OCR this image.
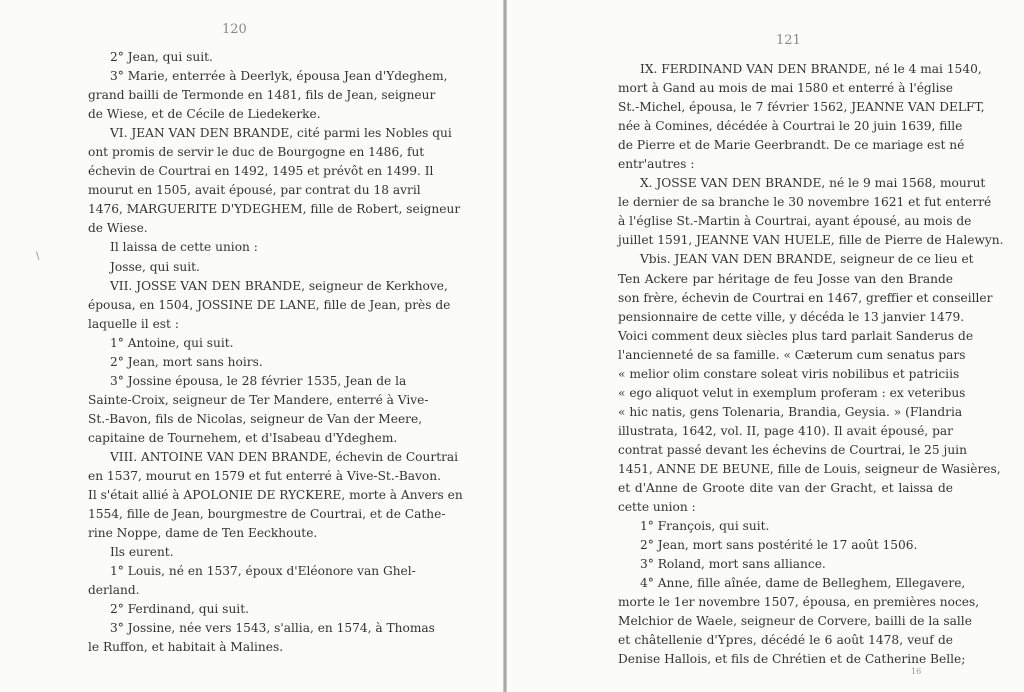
120
\
2° Jean, qui suit.
3° Marie, enterrée à Deerlyk, épousa Jean d'Ydeghem,
grand bailli de Termonde en 1481, fils de Jean, seigneur
de Wiese, et de Cécile de Liedekerke.
VI. JEAN VAN DEN BRANDE, cité parmi les Nobles qui
ont promis de servir le duc de Bourgogne en 1486, fut
échevin de Courtrai en 1492, 1495 et prévôt en 1499. Il
mourut en 1505, avait épousé, par contrat du 18 avril
1476, MARGUERITE D'YDEGHEM, fille de Robert, seigneur
de Wiese.
Il laissa de cette union :
Josse, qui suit.
VII. JOSSE VAN DEN BRANDE, seigneur de Kerkhove,
épousa, en 1504, JOSSINE DE LANE, fille de Jean, près de
laquelle il est :
1° Antoine, qui suit.
2° Jean, mort sans hoirs.
3° Jossine épousa, le 28 février 1535, Jean de la
Sainte-Croix, seigneur de Ter Mandere, enterré à Vive-
St.-Bavon, fils de Nicolas, seigneur de Van der Meere,
capitaine de Tournehem, et d'Isabeau d'Ydeghem.
VIII. ANTOINE VAN DEN BRANDE, échevin de Courtrai
en 1537, mourut en 1579 et fut enterré à Vive-St.-Bavon.
Il s'était allié à APOLONIE DE RYCKERE, morte à Anvers en
1554, fille de Jean, bourgmestre de Courtrai, et de Cathe-
rine Noppe, dame de Ten Eeckhoute.
Ils eurent.
1° Louis, né en 1537, époux d'Eléonore van Ghel-
derland.
2° Ferdinand, qui suit.
3° Jossine, née vers 1543, s'allia, en 1574, à Thomas
le Ruffon, et habitait à Malines.
121
IX. FERDINAND VAN DEN BRANDE, né le 4 mai 1540,
mort à Gand au mois de mai 1580 et enterré à l'église
St.-Michel, épousa, le 7 février 1562, JEANNE VAN DELFT,
née à Comines, décédée à Courtrai le 20 juin 1639, fille
de Pierre et de Marie Geerbrandt. De ce mariage est né
entr'autres :
X. JOSSE VAN DEN BRANDE, né le 9 mai 1568, mourut
le dernier de sa branche le 30 novembre 1621 et fut enterré
à l'église St.-Martin à Courtrai, ayant épousé, au mois de
juillet 1591, JEANNE VAN HUELE, fille de Pierre de Halewyn.
Vbis. JEAN VAN DEN BRANDE, seigneur de ce lieu et
Ten Ackere par héritage de feu Josse van den Brande
son frère, échevin de Courtrai en 1467, greffier et conseiller
pensionnaire de cette ville, y décéda le 13 janvier 1479.
Voici comment deux siècles plus tard parlait Sanderus de
l'ancienneté de sa famille. « Cæterum cum senatus pars
« melior olim constare soleat viris nobilibus et patriciis
« ego aliquot velut in exemplum proferam : ex veteribus
« hic natis, gens Tolenaria, Brandia, Geysia. » (Flandria
illustrata, 1642, vol. II, page 410). Il avait épousé, par
contrat passé devant les échevins de Courtrai, le 25 juin
1451, ANNE DE BEUNE, fille de Louis, seigneur de Wasières,
et d'Anne de Groote dite van der Gracht, et laissa de
cette union :
1° François, qui suit.
2° Jean, mort sans postérité le 17 août 1506.
3° Roland, mort sans alliance.
4° Anne, fille aînée, dame de Belleghem, Ellegavere,
morte le 1er novembre 1507, épousa, en premières noces,
Melchior de Waele, seigneur de Corvere, bailli de la salle
et châtellenie d'Ypres, décédé le 6 août 1478, veuf de
Denise Hallois, et fils de Chrétien et de Catherine Belle;
16
